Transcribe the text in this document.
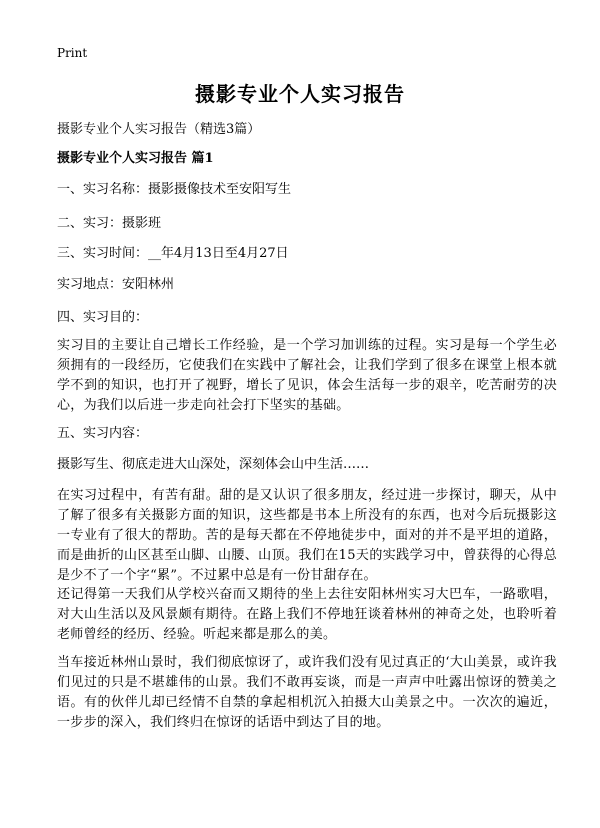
Print
摄影专业个人实习报告

摄影专业个人实习报告（精选3篇）

摄影专业个人实习报告 篇1

一、实习名称：摄影摄像技术至安阳写生

二、实习：摄影班

三、实习时间：__年4月13日至4月27日

实习地点：安阳林州

四、实习目的：

实习目的主要让自己增长工作经验，是一个学习加训练的过程。实习是每一个学生必须拥有的一段经历，它使我们在实践中了解社会，让我们学到了很多在课堂上根本就学不到的知识，也打开了视野，增长了见识，体会生活每一步的艰辛，吃苦耐劳的决心，为我们以后进一步走向社会打下坚实的基础。

五、实习内容：

摄影写生、彻底走进大山深处，深刻体会山中生活……

在实习过程中，有苦有甜。甜的是又认识了很多朋友，经过进一步探讨，聊天，从中了解了很多有关摄影方面的知识，这些都是书本上所没有的东西，也对今后玩摄影这一专业有了很大的帮助。苦的是每天都在不停地徒步中，面对的并不是平坦的道路，而是曲折的山区甚至山脚、山腰、山顶。我们在15天的实践学习中，曾获得的心得总是少不了一个字“累”。不过累中总是有一份甘甜存在。

还记得第一天我们从学校兴奋而又期待的坐上去往安阳林州实习大巴车，一路歌唱，对大山生活以及风景颇有期待。在路上我们不停地狂谈着林州的神奇之处，也聆听着老师曾经的经历、经验。听起来都是那么的美。

当车接近林州山景时，我们彻底惊讶了，或许我们没有见过真正的‘大山美景，或许我们见过的只是不堪雄伟的山景。我们不敢再妄谈，而是一声声中吐露出惊讶的赞美之语。有的伙伴儿却已经情不自禁的拿起相机沉入拍摄大山美景之中。一次次的遍近，一步步的深入，我们终归在惊讶的话语中到达了目的地。
